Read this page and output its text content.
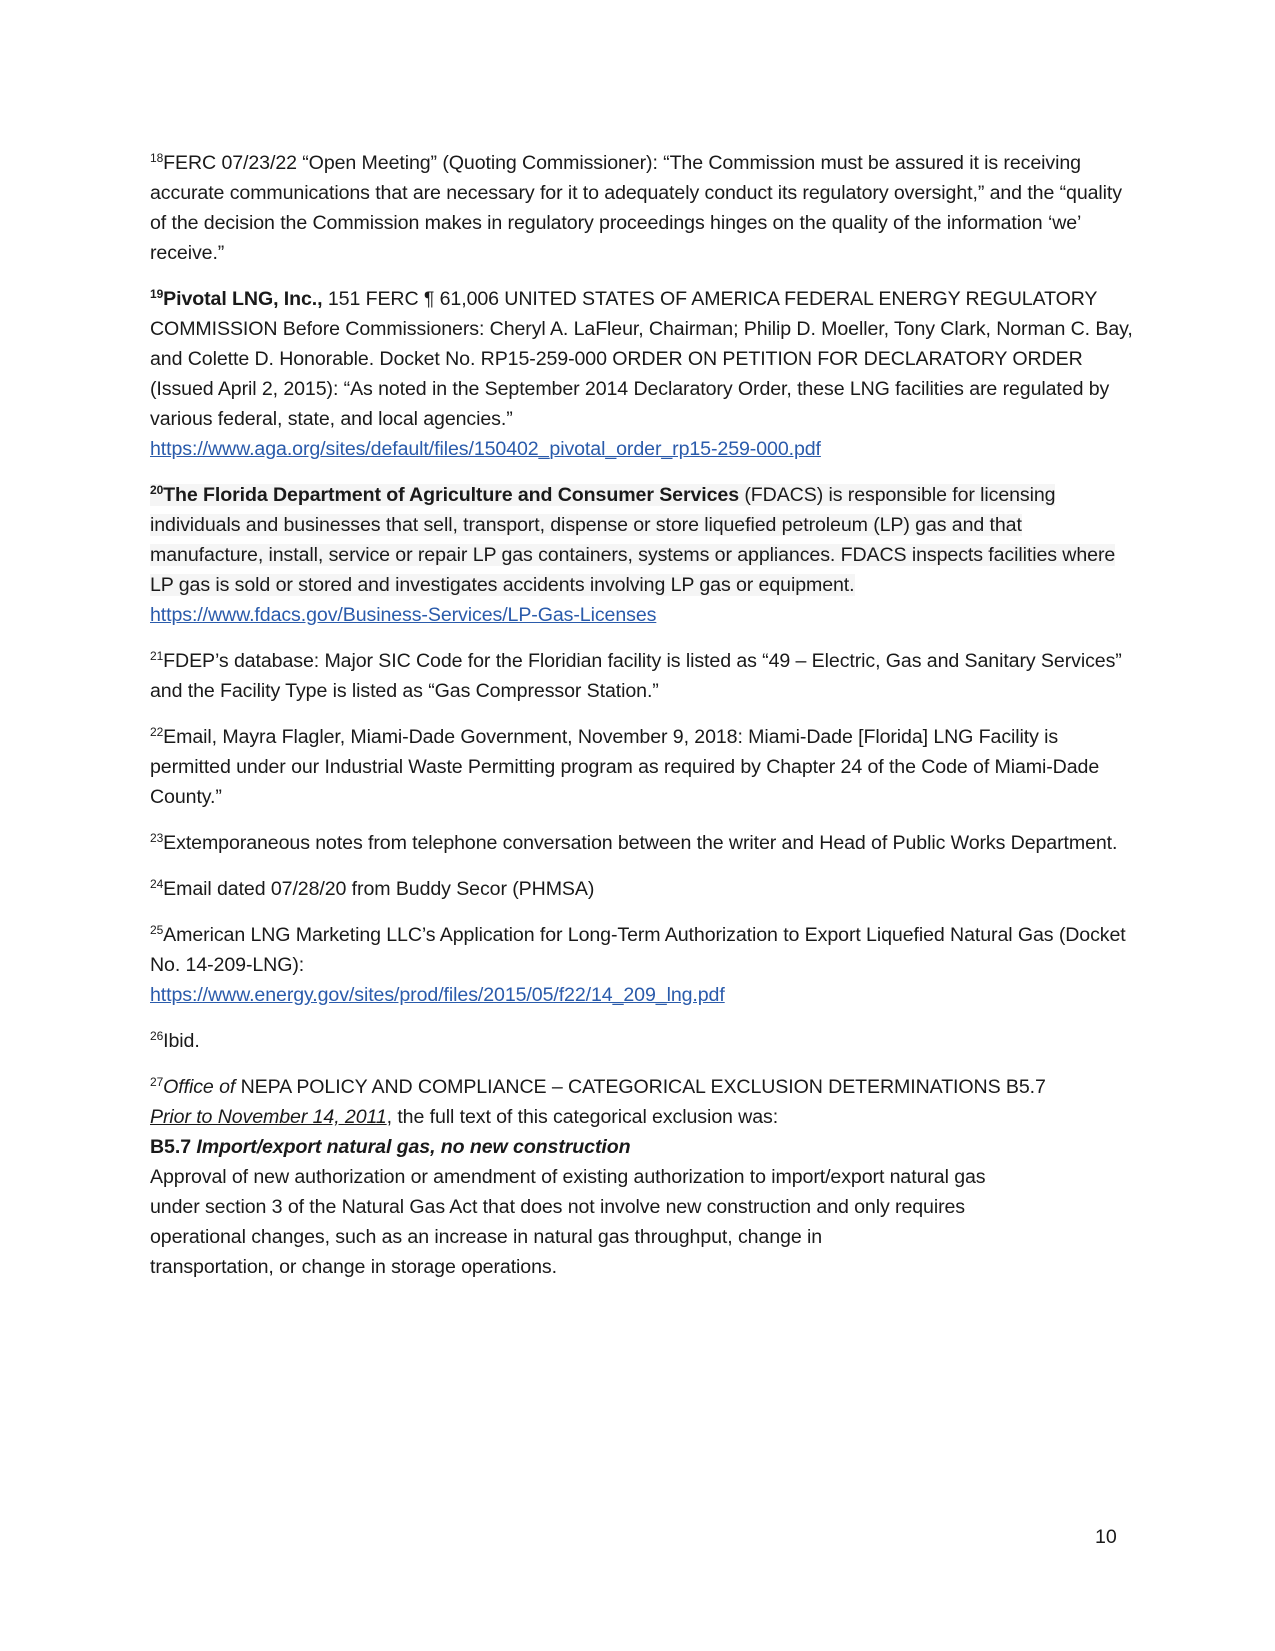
$^{18}$FERC 07/23/22 “Open Meeting” (Quoting Commissioner): “The Commission must be assured it is receiving accurate communications that are necessary for it to adequately conduct its regulatory oversight,” and the “quality of the decision the Commission makes in regulatory proceedings hinges on the quality of the information ‘we’ receive.”

$^{19}$Pivotal LNG, Inc., 151 FERC ¶ 61,006 UNITED STATES OF AMERICA FEDERAL ENERGY REGULATORY COMMISSION Before Commissioners: Cheryl A. LaFleur, Chairman; Philip D. Moeller, Tony Clark, Norman C. Bay, and Colette D. Honorable. Docket No. RP15-259-000 ORDER ON PETITION FOR DECLARATORY ORDER (Issued April 2, 2015): “As noted in the September 2014 Declaratory Order, these LNG facilities are regulated by various federal, state, and local agencies.”
https://www.aga.org/sites/default/files/150402_pivotal_order_rp15-259-000.pdf

$^{20}$The Florida Department of Agriculture and Consumer Services (FDACS) is responsible for licensing individuals and businesses that sell, transport, dispense or store liquefied petroleum (LP) gas and that manufacture, install, service or repair LP gas containers, systems or appliances. FDACS inspects facilities where LP gas is sold or stored and investigates accidents involving LP gas or equipment.
https://www.fdacs.gov/Business-Services/LP-Gas-Licenses

$^{21}$FDEP’s database: Major SIC Code for the Floridian facility is listed as “49 – Electric, Gas and Sanitary Services” and the Facility Type is listed as “Gas Compressor Station.”

$^{22}$Email, Mayra Flagler, Miami-Dade Government, November 9, 2018: Miami-Dade [Florida] LNG Facility is permitted under our Industrial Waste Permitting program as required by Chapter 24 of the Code of Miami-Dade County.”

$^{23}$Extemporaneous notes from telephone conversation between the writer and Head of Public Works Department.

$^{24}$Email dated 07/28/20 from Buddy Secor (PHMSA)

$^{25}$American LNG Marketing LLC’s Application for Long-Term Authorization to Export Liquefied Natural Gas (Docket No. 14-209-LNG):
https://www.energy.gov/sites/prod/files/2015/05/f22/14_209_lng.pdf

$^{26}$Ibid.

$^{27}$Office of NEPA POLICY AND COMPLIANCE – CATEGORICAL EXCLUSION DETERMINATIONS B5.7
Prior to November 14, 2011, the full text of this categorical exclusion was:
B5.7 Import/export natural gas, no new construction
Approval of new authorization or amendment of existing authorization to import/export natural gas
under section 3 of the Natural Gas Act that does not involve new construction and only requires
operational changes, such as an increase in natural gas throughput, change in
transportation, or change in storage operations.
10
